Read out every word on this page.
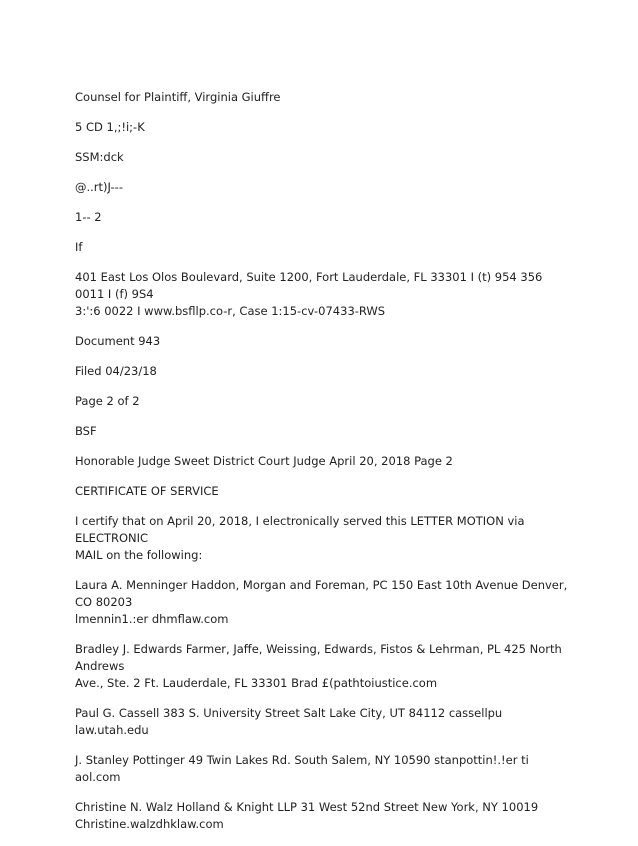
Counsel for Plaintiff, Virginia Giuffre

5 CD 1,;!i;-K

SSM:dck

@..rt)J---

1-- 2

If

401 East Los Olos Boulevard, Suite 1200, Fort Lauderdale, FL 33301 I (t) 954 356 0011 I (f) 9S4
3:':6 0022 I www.bsfllp.co-r, Case 1:15-cv-07433-RWS

Document 943

Filed 04/23/18

Page 2 of 2

BSF

Honorable Judge Sweet District Court Judge April 20, 2018 Page 2

CERTIFICATE OF SERVICE

I certify that on April 20, 2018, I electronically served this LETTER MOTION via ELECTRONIC
MAIL on the following:

Laura A. Menninger Haddon, Morgan and Foreman, PC 150 East 10th Avenue Denver, CO 80203
lmennin1.:er dhmflaw.com

Bradley J. Edwards Farmer, Jaffe, Weissing, Edwards, Fistos & Lehrman, PL 425 North Andrews
Ave., Ste. 2 Ft. Lauderdale, FL 33301 Brad £(pathtoiustice.com

Paul G. Cassell 383 S. University Street Salt Lake City, UT 84112 cassellpu law.utah.edu

J. Stanley Pottinger 49 Twin Lakes Rd. South Salem, NY 10590 stanpottin!.!er ti aol.com

Christine N. Walz Holland & Knight LLP 31 West 52nd Street New York, NY 10019
Christine.walzdhklaw.com
